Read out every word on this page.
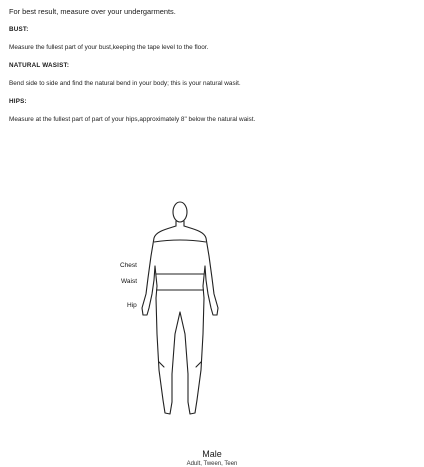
For best result, measure over your undergarments.

BUST:

Measure the fullest part of your bust,keeping the tape level to the floor.

NATURAL WASIST:

Bend side to side and find the natural bend in your body; this is your natural wasit.

HIPS:

Measure at the fullest part of part of your hips,approximately 8" below the natural waist.

Chest
Waist
Hip
Male
Adult, Tween, Teen
